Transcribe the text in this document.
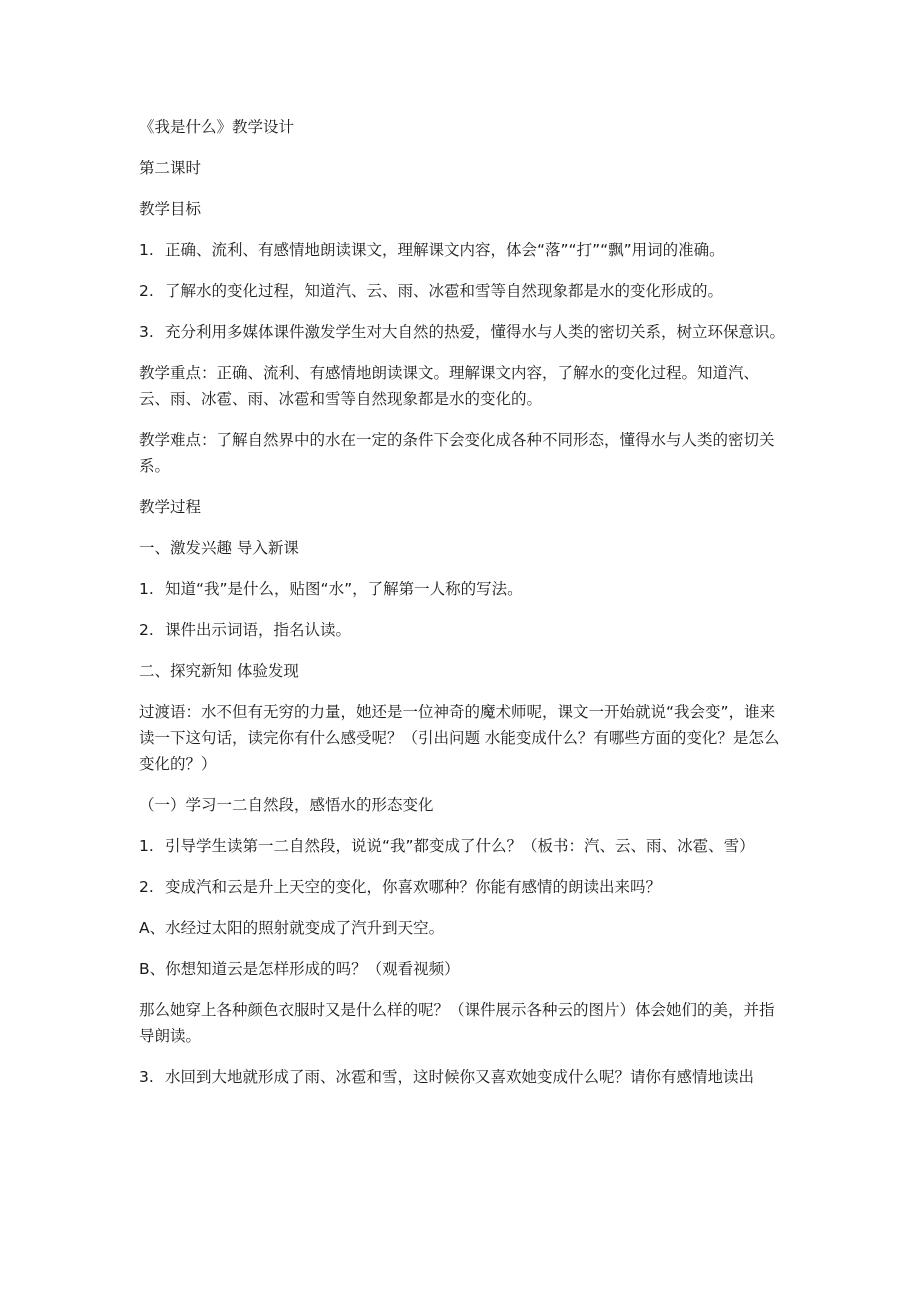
《我是什么》教学设计

第二课时

教学目标

1. 正确、流利、有感情地朗读课文，理解课文内容，体会“落”“打”“飘”用词的准确。

2. 了解水的变化过程，知道汽、云、雨、冰雹和雪等自然现象都是水的变化形成的。

3. 充分利用多媒体课件激发学生对大自然的热爱，懂得水与人类的密切关系，树立环保意识。

教学重点：正确、流利、有感情地朗读课文。理解课文内容，了解水的变化过程。知道汽、云、雨、冰雹、雨、冰雹和雪等自然现象都是水的变化的。

教学难点：了解自然界中的水在一定的条件下会变化成各种不同形态，懂得水与人类的密切关系。

教学过程

一、激发兴趣 导入新课

1. 知道“我”是什么，贴图“水”，了解第一人称的写法。

2. 课件出示词语，指名认读。

二、探究新知 体验发现

过渡语：水不但有无穷的力量，她还是一位神奇的魔术师呢，课文一开始就说“我会变”，谁来读一下这句话，读完你有什么感受呢？（引出问题 水能变成什么？有哪些方面的变化？是怎么变化的？）

（一）学习一二自然段，感悟水的形态变化

1. 引导学生读第一二自然段，说说“我”都变成了什么？（板书：汽、云、雨、冰雹、雪）

2. 变成汽和云是升上天空的变化，你喜欢哪种？你能有感情的朗读出来吗？

A、水经过太阳的照射就变成了汽升到天空。

B、你想知道云是怎样形成的吗？（观看视频）

那么她穿上各种颜色衣服时又是什么样的呢？（课件展示各种云的图片）体会她们的美，并指导朗读。

3. 水回到大地就形成了雨、冰雹和雪，这时候你又喜欢她变成什么呢？请你有感情地读出
